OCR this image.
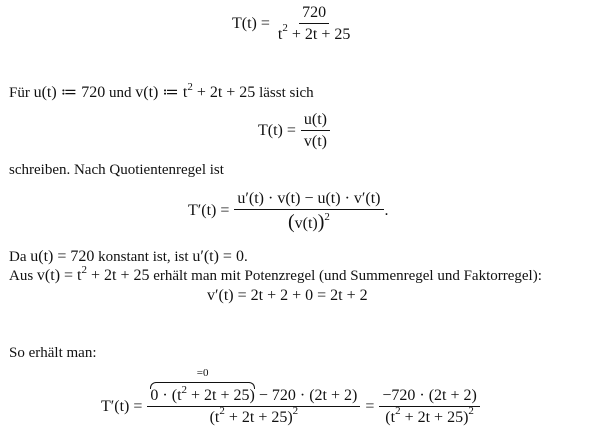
$T(t) = \frac{720}{t^2 + 2t + 25}$
Für u(t) ≔ 720 und v(t) ≔ $t^2 + 2t + 25$ lässt sich
$T(t) = \frac{u(t)}{v(t)}$
schreiben. Nach Quotientenregel ist
$T'(t) = \frac{u'(t) \cdot v(t) - u(t) \cdot v'(t)}{(v(t))^2}$ .
Da u(t) = 720 konstant ist, ist u′(t) = 0.
Aus $v(t) = t^2 + 2t + 25$ erhält man mit Potenzregel (und Summenregel und Faktorregel):
v′(t) = 2t + 2 + 0 = 2t + 2
So erhält man:
T′(t) =
=0
$0 \cdot (t^2 + 2t + 25) - 720 \cdot (2t + 2)$
$(t^2 + 2t + 25)^2$	= $\frac{-720 \cdot (2t + 2)}{(t^2 + 2t + 25)^2}$
